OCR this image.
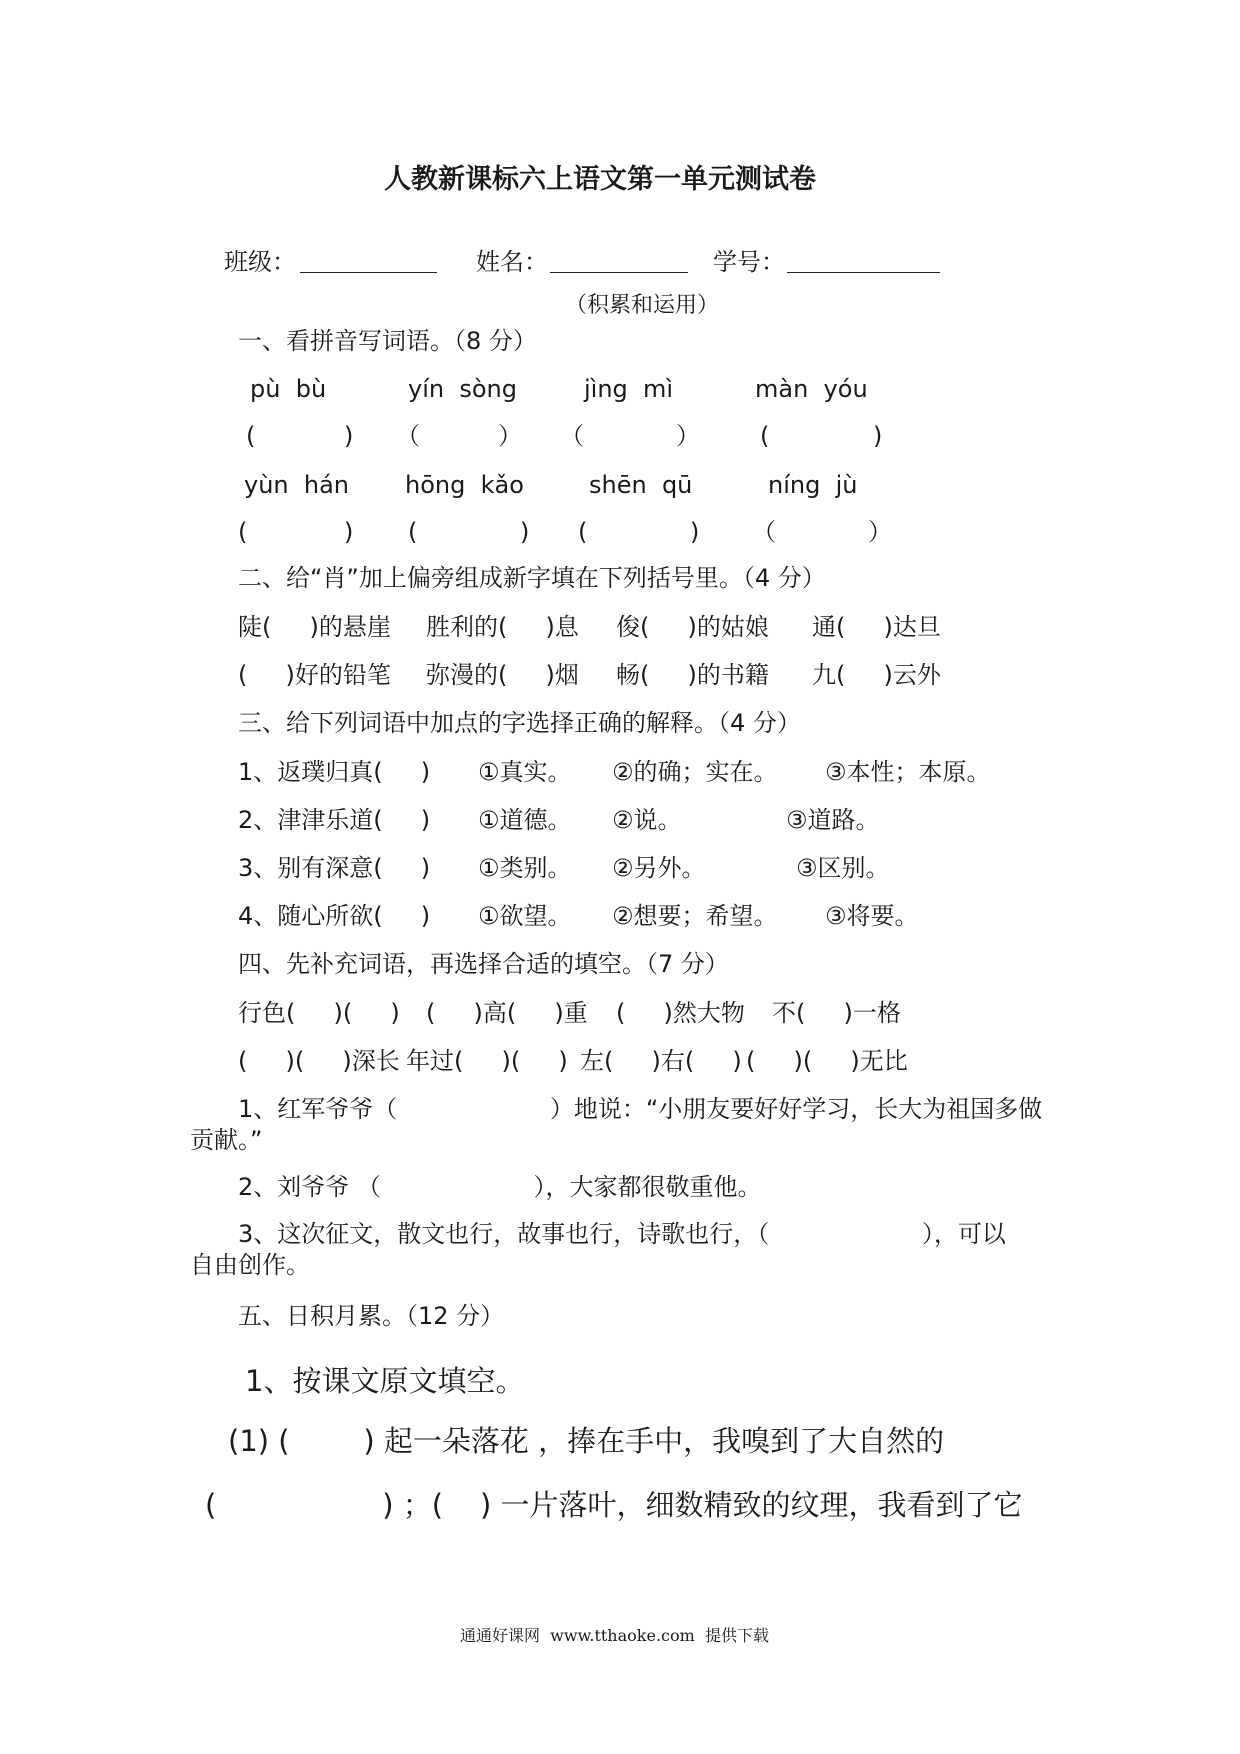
人教新课标六上语文第一单元测试卷
班级：	姓名：	学号：
（积累和运用）
一、看拼音写词语。（8 分）
pù  bù	yín  sòng	jìng  mì	màn  yóu
(	) （	） （	）	(	)
yùn  hán hōng  kǎo	shēn  qū	níng  jù
(	) (	) (	) （	）
二、给“肖”加上偏旁组成新字填在下列括号里。（4 分）
陡(     )的悬崖 胜利的(     )息 俊(     )的姑娘 通(     )达旦
(     )好的铅笔 弥漫的(     )烟 畅(     )的书籍 九(     )云外
三、给下列词语中加点的字选择正确的解释。（4 分）
1、返璞归真(     ) ①真实。 ②的确；实在。 ③本性；本原。
2、津津乐道(     ) ①道德。 ②说。	③道路。
3、别有深意(     ) ①类别。 ②另外。	③区别。
4、随心所欲(     ) ①欲望。 ②想要；希望。 ③将要。
四、先补充词语，再选择合适的填空。（7 分）
行色(     )(     ) (     )高(     )重 (     )然大物 不(     )一格
(     )(     )深长 年过(     )(     ) 左(     )右(     ) (     )(     )无比
1、红军爷爷（                    ）地说：“小朋友要好好学习，长大为祖国多做
贡献。”
2、刘爷爷 （                    ），大家都很敬重他。
3、这次征文，散文也行，故事也行，诗歌也行，（                    ），可以
自由创作。
五、日积月累。（12 分）
1、按课文原文填空。
(1) (        ) 起一朵落花 ，捧在手中，我嗅到了大自然的
(                  ) ；(    ) 一片落叶，细数精致的纹理，我看到了它
通通好课网  www.tthaoke.com  提供下载
